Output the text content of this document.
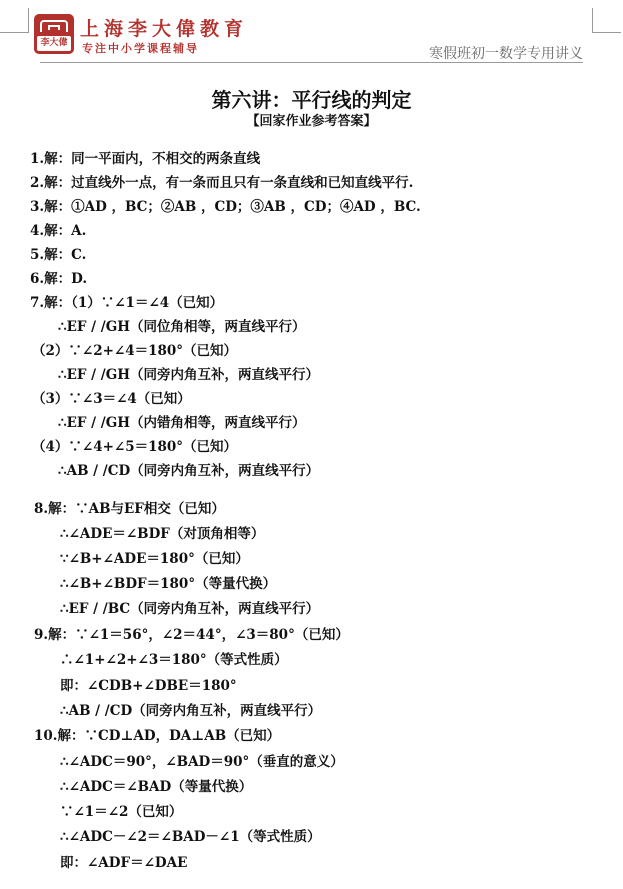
李大偉
上海李大偉教育
专注中小学课程辅导	寒假班初一数学专用讲义
第六讲：平行线的判定
【回家作业参考答案】
1.解：同一平面内，不相交的两条直线
2.解：过直线外一点，有一条而且只有一条直线和已知直线平行.
3.解：①AD ，BC；②AB ，CD；③AB ，CD；④AD ，BC.
4.解：A.
5.解：C.
6.解：D.
7.解：（1）∵∠1＝∠4（已知）
∴EF / /GH（同位角相等，两直线平行）
（2）∵∠2+∠4＝180°（已知）
∴EF / /GH（同旁内角互补，两直线平行）
（3）∵∠3＝∠4（已知）
∴EF / /GH（内错角相等，两直线平行）
（4）∵∠4+∠5＝180°（已知）
∴AB / /CD（同旁内角互补，两直线平行）
8.解：∵AB与EF相交（已知）
∴∠ADE＝∠BDF（对顶角相等）
∵∠B+∠ADE＝180°（已知）
∴∠B+∠BDF＝180°（等量代换）
∴EF / /BC（同旁内角互补，两直线平行）
9.解：∵∠1＝56°，∠2＝44°，∠3＝80°（已知）
∴∠1+∠2+∠3＝180°（等式性质）
即：∠CDB+∠DBE＝180°
∴AB / /CD（同旁内角互补，两直线平行）
10.解：∵CD⊥AD，DA⊥AB（已知）
∴∠ADC＝90°，∠BAD＝90°（垂直的意义）
∴∠ADC＝∠BAD（等量代换）
∵∠1＝∠2（已知）
∴∠ADC－∠2＝∠BAD－∠1（等式性质）
即：∠ADF＝∠DAE
